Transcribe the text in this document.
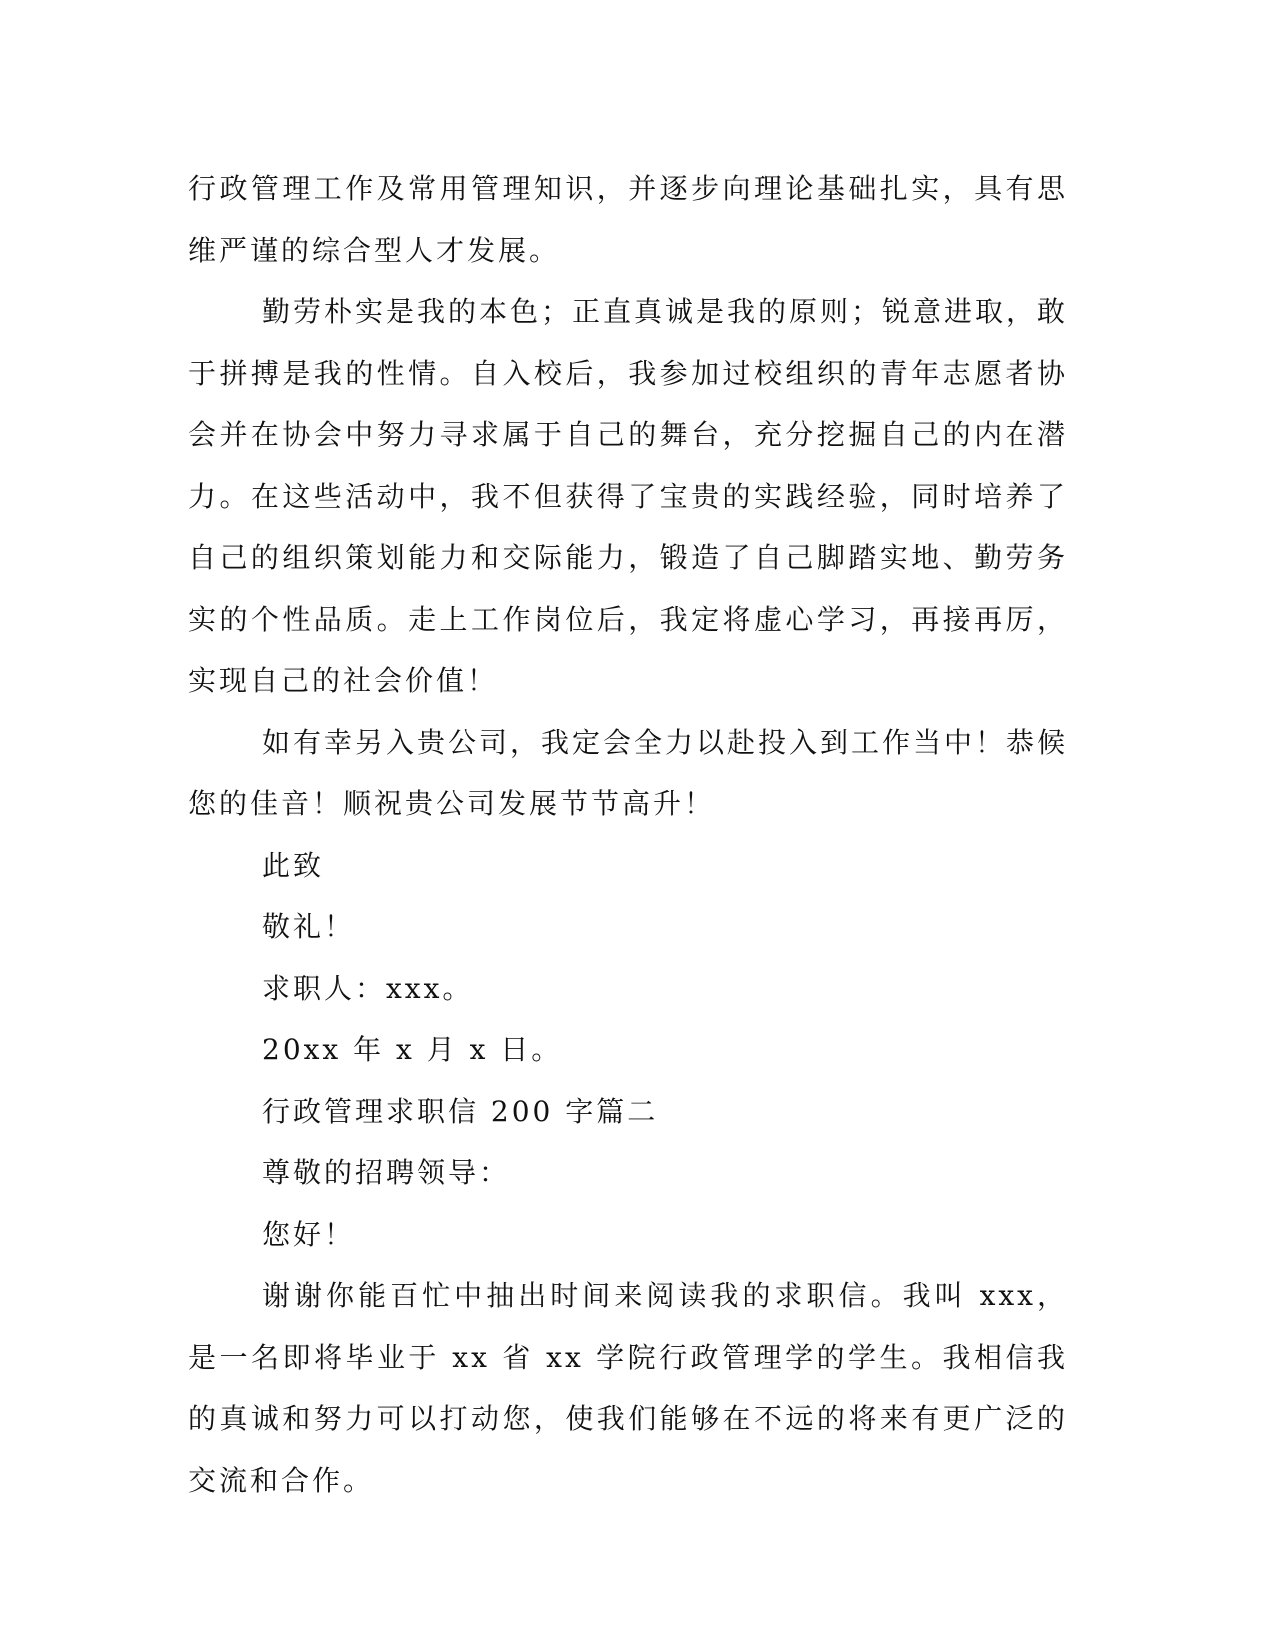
行政管理工作及常用管理知识，并逐步向理论基础扎实，具有思维严谨的综合型人才发展。

勤劳朴实是我的本色；正直真诚是我的原则；锐意进取，敢于拼搏是我的性情。自入校后，我参加过校组织的青年志愿者协会并在协会中努力寻求属于自己的舞台，充分挖掘自己的内在潜力。在这些活动中，我不但获得了宝贵的实践经验，同时培养了自己的组织策划能力和交际能力，锻造了自己脚踏实地、勤劳务实的个性品质。走上工作岗位后，我定将虚心学习，再接再厉，实现自己的社会价值！

如有幸另入贵公司，我定会全力以赴投入到工作当中！恭候您的佳音！顺祝贵公司发展节节高升！

此致

敬礼！

求职人：xxx。

20xx 年 x 月 x 日。

行政管理求职信 200 字篇二

尊敬的招聘领导：

您好！

谢谢你能百忙中抽出时间来阅读我的求职信。我叫 xxx，是一名即将毕业于 xx 省 xx 学院行政管理学的学生。我相信我的真诚和努力可以打动您，使我们能够在不远的将来有更广泛的交流和合作。
